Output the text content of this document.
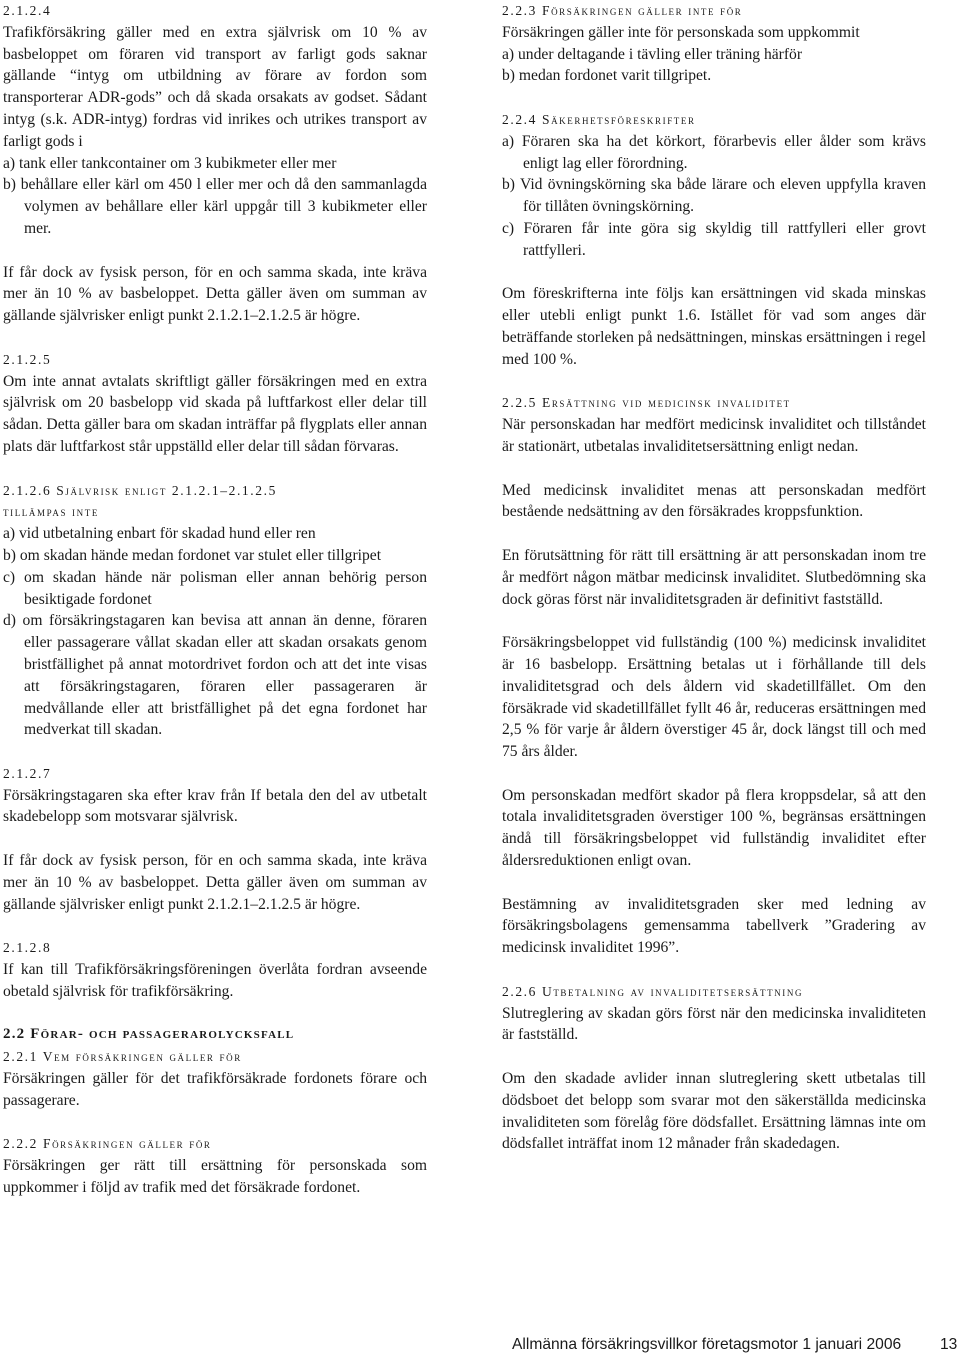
2.1.2.4

Trafikförsäkring gäller med en extra självrisk om 10 % av basbeloppet om föraren vid transport av farligt gods saknar gällande “intyg om utbildning av förare av fordon som transporterar ADR-gods” och då skada orsakats av godset. Sådant intyg (s.k. ADR-intyg) fordras vid inrikes och utrikes transport av farligt gods i

a) tank eller tankcontainer om 3 kubikmeter eller mer

b) behållare eller kärl om 450 l eller mer och då den sammanlagda volymen av behållare eller kärl uppgår till 3 kubikmeter eller mer.

If får dock av fysisk person, för en och samma skada, inte kräva mer än 10 % av basbeloppet. Detta gäller även om summan av gällande självrisker enligt punkt 2.1.2.1–2.1.2.5 är högre.

2.1.2.5

Om inte annat avtalats skriftligt gäller försäkringen med en extra självrisk om 20 basbelopp vid skada på luftfarkost eller delar till sådan. Detta gäller bara om skadan inträffar på flygplats eller annan plats där luftfarkost står uppställd eller delar till sådan förvaras.

2.1.2.6 Självrisk enligt 2.1.2.1–2.1.2.5

tillämpas inte

a) vid utbetalning enbart för skadad hund eller ren

b) om skadan hände medan fordonet var stulet eller tillgripet

c) om skadan hände när polisman eller annan behörig person besiktigade fordonet

d) om försäkringstagaren kan bevisa att annan än denne, föraren eller passagerare vållat skadan eller att skadan orsakats genom bristfällighet på annat motordrivet fordon och att det inte visas att försäkringstagaren, föraren eller passageraren är medvållande eller att bristfällighet på det egna fordonet har medverkat till skadan.

2.1.2.7

Försäkringstagaren ska efter krav från If betala den del av utbetalt skadebelopp som motsvarar självrisk.

If får dock av fysisk person, för en och samma skada, inte kräva mer än 10 % av basbeloppet. Detta gäller även om summan av gällande självrisker enligt punkt 2.1.2.1–2.1.2.5 är högre.

2.1.2.8

If kan till Trafikförsäkringsföreningen överlåta fordran avseende obetald självrisk för trafikförsäkring.

2.2 Förar- och passagerarolycksfall

2.2.1 Vem försäkringen gäller för

Försäkringen gäller för det trafikförsäkrade fordonets förare och passagerare.

2.2.2 Försäkringen gäller för

Försäkringen ger rätt till ersättning för personskada som uppkommer i följd av trafik med det försäkrade fordonet.

2.2.3 Försäkringen gäller inte för

Försäkringen gäller inte för personskada som uppkommit

a) under deltagande i tävling eller träning härför

b) medan fordonet varit tillgripet.

2.2.4 Säkerhetsföreskrifter

a) Föraren ska ha det körkort, förarbevis eller ålder som krävs enligt lag eller förordning.

b) Vid övningskörning ska både lärare och eleven uppfylla kraven för tillåten övningskörning.

c) Föraren får inte göra sig skyldig till rattfylleri eller grovt rattfylleri.

Om föreskrifterna inte följs kan ersättningen vid skada minskas eller utebli enligt punkt 1.6. Istället för vad som anges där beträffande storleken på nedsättningen, minskas ersättningen i regel med 100 %.

2.2.5 Ersättning vid medicinsk invaliditet

När personskadan har medfört medicinsk invaliditet och tillståndet är stationärt, utbetalas invaliditetsersättning enligt nedan.

Med medicinsk invaliditet menas att personskadan medfört bestående nedsättning av den försäkrades kroppsfunktion.

En förutsättning för rätt till ersättning är att personskadan inom tre år medfört någon mätbar medicinsk invaliditet. Slutbedömning ska dock göras först när invaliditetsgraden är definitivt fastställd.

Försäkringsbeloppet vid fullständig (100 %) medicinsk invaliditet är 16 basbelopp. Ersättning betalas ut i förhållande till dels invaliditetsgrad och dels åldern vid skadetillfället. Om den försäkrade vid skadetillfället fyllt 46 år, reduceras ersättningen med 2,5 % för varje år åldern överstiger 45 år, dock längst till och med 75 års ålder.

Om personskadan medfört skador på flera kroppsdelar, så att den totala invaliditetsgraden överstiger 100 %, begränsas ersättningen ändå till försäkringsbeloppet vid fullständig invaliditet efter åldersreduktionen enligt ovan.

Bestämning av invaliditetsgraden sker med ledning av försäkringsbolagens gemensamma tabellverk ”Gradering av medicinsk invaliditet 1996”.

2.2.6 Utbetalning av invaliditetsersättning

Slutreglering av skadan görs först när den medicinska invaliditeten är fastställd.

Om den skadade avlider innan slutreglering skett utbetalas till dödsboet det belopp som svarar mot den säkerställda medicinska invaliditeten som förelåg före dödsfallet. Ersättning lämnas inte om dödsfallet inträffat inom 12 månader från skadedagen.

Allmänna försäkringsvillkor företagsmotor 1 januari 2006 13
